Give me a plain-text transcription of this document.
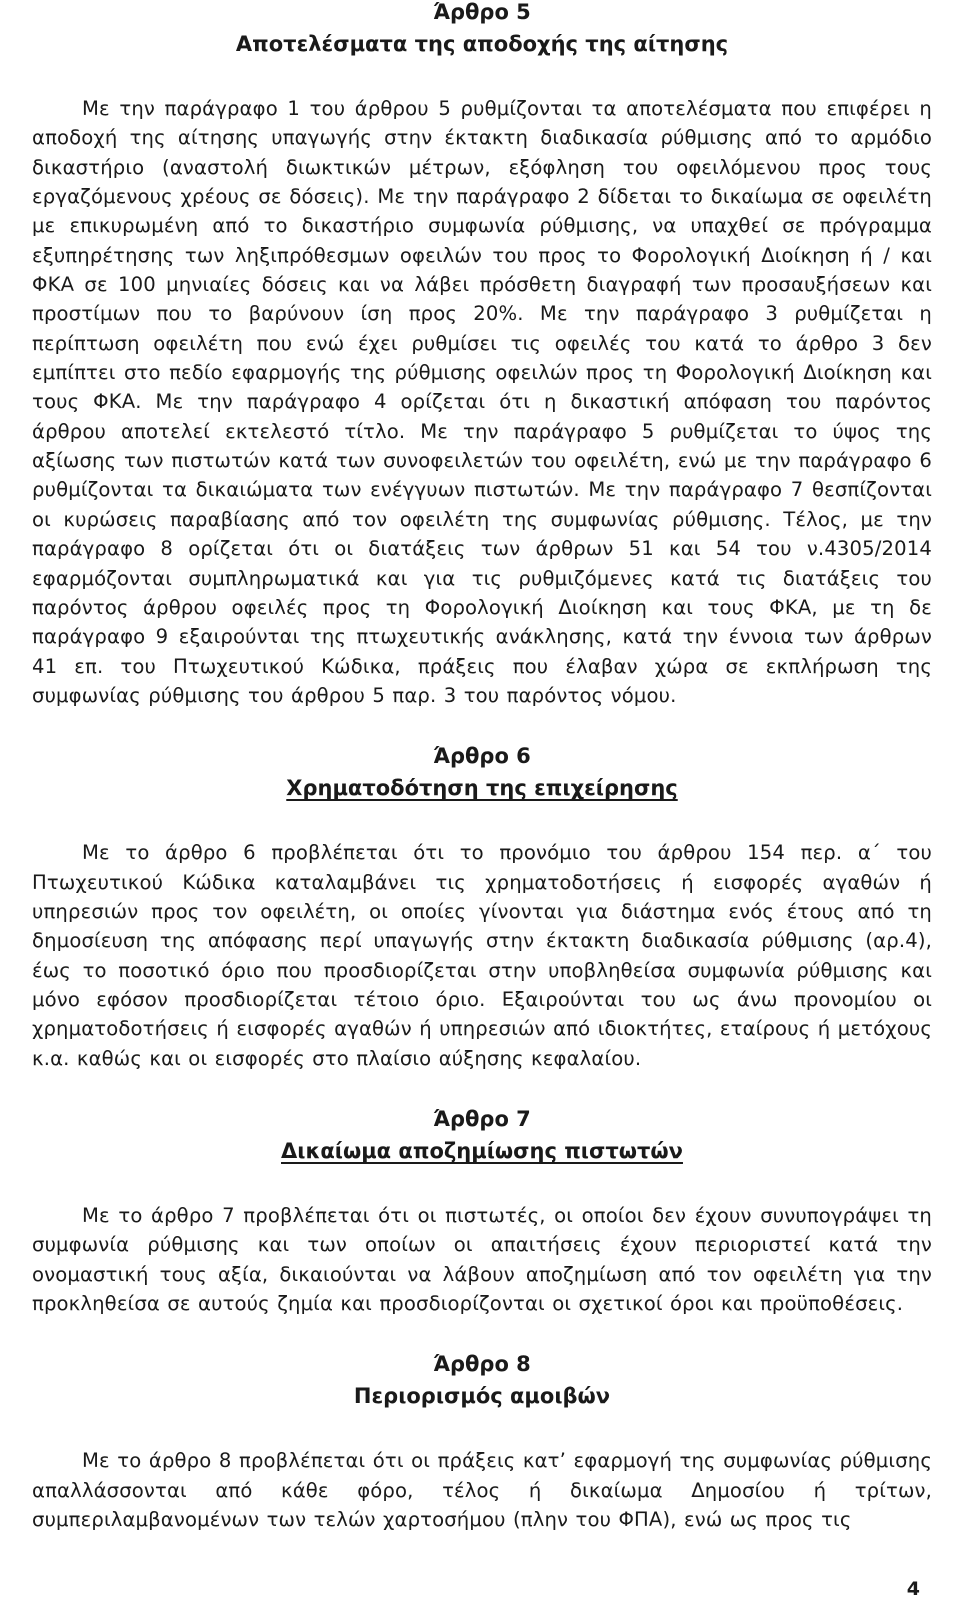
Άρθρο 5
Αποτελέσματα της αποδοχής της αίτησης

Με την παράγραφο 1 του άρθρου 5 ρυθμίζονται τα αποτελέσματα που επιφέρει η αποδοχή της αίτησης υπαγωγής στην έκτακτη διαδικασία ρύθμισης από το αρμόδιο δικαστήριο (αναστολή διωκτικών μέτρων, εξόφληση του οφειλόμενου προς τους εργαζόμενους χρέους σε δόσεις). Με την παράγραφο 2 δίδεται το δικαίωμα σε οφειλέτη με επικυρωμένη από το δικαστήριο συμφωνία ρύθμισης, να υπαχθεί σε πρόγραμμα εξυπηρέτησης των ληξιπρόθεσμων οφειλών του προς το Φορολογική Διοίκηση ή / και ΦΚΑ σε 100 μηνιαίες δόσεις και να λάβει πρόσθετη διαγραφή των προσαυξήσεων και προστίμων που το βαρύνουν ίση προς 20%. Με την παράγραφο 3 ρυθμίζεται η περίπτωση οφειλέτη που ενώ έχει ρυθμίσει τις οφειλές του κατά το άρθρο 3 δεν εμπίπτει στο πεδίο εφαρμογής της ρύθμισης οφειλών προς τη Φορολογική Διοίκηση και τους ΦΚΑ. Με την παράγραφο 4 ορίζεται ότι η δικαστική απόφαση του παρόντος άρθρου αποτελεί εκτελεστό τίτλο. Με την παράγραφο 5 ρυθμίζεται το ύψος της αξίωσης των πιστωτών κατά των συνοφειλετών του οφειλέτη, ενώ με την παράγραφο 6 ρυθμίζονται τα δικαιώματα των ενέγγυων πιστωτών. Με την παράγραφο 7 θεσπίζονται οι κυρώσεις παραβίασης από τον οφειλέτη της συμφωνίας ρύθμισης. Τέλος, με την παράγραφο 8 ορίζεται ότι οι διατάξεις των άρθρων 51 και 54 του ν.4305/2014 εφαρμόζονται συμπληρωματικά και για τις ρυθμιζόμενες κατά τις διατάξεις του παρόντος άρθρου οφειλές προς τη Φορολογική Διοίκηση και τους ΦΚΑ, με τη δε παράγραφο 9 εξαιρούνται της πτωχευτικής ανάκλησης, κατά την έννοια των άρθρων 41 επ. του Πτωχευτικού Κώδικα, πράξεις που έλαβαν χώρα σε εκπλήρωση της συμφωνίας ρύθμισης του άρθρου 5 παρ. 3 του παρόντος νόμου.

Άρθρο 6
Χρηματοδότηση της επιχείρησης

Με το άρθρο 6 προβλέπεται ότι το προνόμιο του άρθρου 154 περ. α΄ του Πτωχευτικού Κώδικα καταλαμβάνει τις χρηματοδοτήσεις ή εισφορές αγαθών ή υπηρεσιών προς τον οφειλέτη, οι οποίες γίνονται για διάστημα ενός έτους από τη δημοσίευση της απόφασης περί υπαγωγής στην έκτακτη διαδικασία ρύθμισης (αρ.4), έως το ποσοτικό όριο που προσδιορίζεται στην υποβληθείσα συμφωνία ρύθμισης και μόνο εφόσον προσδιορίζεται τέτοιο όριο. Εξαιρούνται του ως άνω προνομίου οι χρηματοδοτήσεις ή εισφορές αγαθών ή υπηρεσιών από ιδιοκτήτες, εταίρους ή μετόχους κ.α. καθώς και οι εισφορές στο πλαίσιο αύξησης κεφαλαίου.

Άρθρο 7
Δικαίωμα αποζημίωσης πιστωτών

Με το άρθρο 7 προβλέπεται ότι οι πιστωτές, οι οποίοι δεν έχουν συνυπογράψει τη συμφωνία ρύθμισης και των οποίων οι απαιτήσεις έχουν περιοριστεί κατά την ονομαστική τους αξία, δικαιούνται να λάβουν αποζημίωση από τον οφειλέτη για την προκληθείσα σε αυτούς ζημία και προσδιορίζονται οι σχετικοί όροι και προϋποθέσεις.

Άρθρο 8
Περιορισμός αμοιβών

Με το άρθρο 8 προβλέπεται ότι οι πράξεις κατ’ εφαρμογή της συμφωνίας ρύθμισης απαλλάσσονται από κάθε φόρο, τέλος ή δικαίωμα Δημοσίου ή τρίτων, συμπεριλαμβανομένων των τελών χαρτοσήμου (πλην του ΦΠΑ), ενώ ως προς τις

4
